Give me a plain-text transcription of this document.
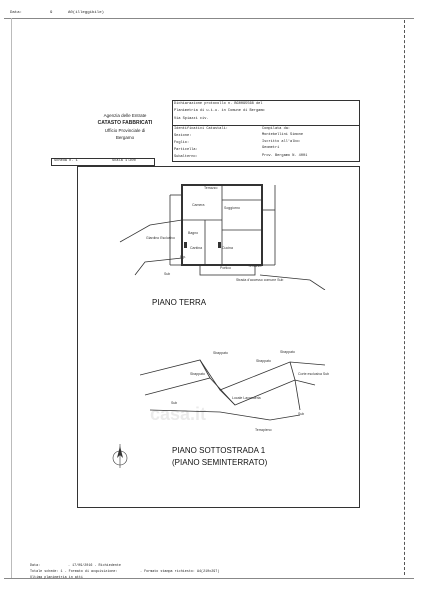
Data:	9	A0(illeggibile)
Agenzia delle Entrate
CATASTO FABBRICATI
Ufficio Provinciale di
Bergamo
Dichiarazione protocollo n. BG0095568 del
Planimetria di u.i.u. in Comune di Bergamo
Via Spiazzi civ.
Identificativi Catastali:
Sezione:
Foglio:
Particella:
Subalterno:
Compilata da:
Montebellini Simone
Iscritto all'albo:
Geometri
Prov. Bergamo N. 4001
Scheda n. 1	Scala 1:200
Terrazzo
Camera
Soggiorno
Bagno
Cucina
Portico	Terrazzo
Giardino Esclusivo
Sub
Strada d'accesso comune Sub
Rip.
Cantina
PIANO TERRA
Sbappato
Sbappato
Sbappato
Sbappato
Locale Lavanderia
Sub
Sub
Terrapieno
Corte esclusiva Sub
casa.it
PIANO SOTTOSTRADA 1
(PIANO SEMINTERRATO)
Data:	- 17/09/2016 - Richiedente
Totale schede: 1 - Formato di acquisizione:	- Formato stampa richiesto: A4(210x297)
Ultima planimetria in atti
